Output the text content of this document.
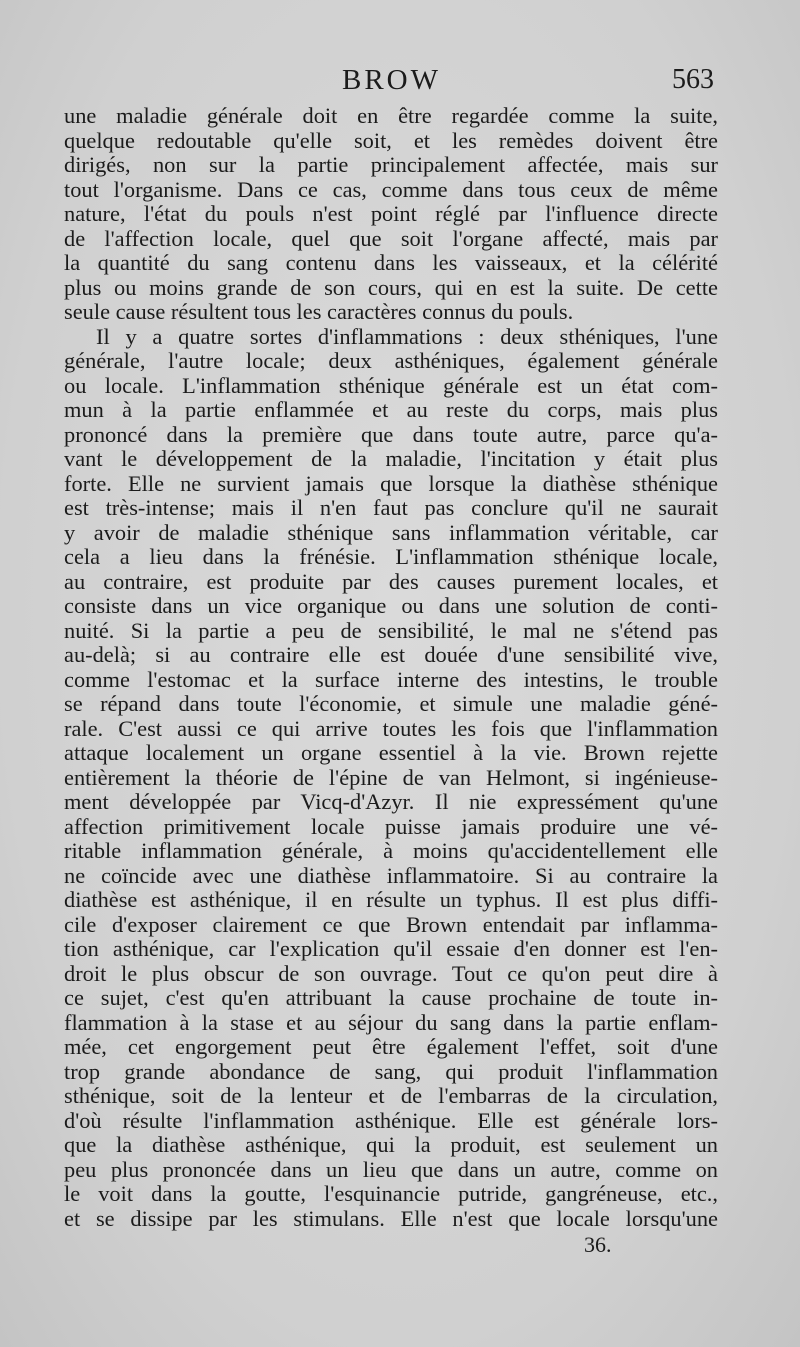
BROW	563
une maladie générale doit en être regardée comme la suite,
quelque redoutable qu'elle soit, et les remèdes doivent être
dirigés, non sur la partie principalement affectée, mais sur
tout l'organisme. Dans ce cas, comme dans tous ceux de même
nature, l'état du pouls n'est point réglé par l'influence directe
de l'affection locale, quel que soit l'organe affecté, mais par
la quantité du sang contenu dans les vaisseaux, et la célérité
plus ou moins grande de son cours, qui en est la suite. De cette
seule cause résultent tous les caractères connus du pouls.
Il y a quatre sortes d'inflammations : deux sthéniques, l'une
générale, l'autre locale; deux asthéniques, également générale
ou locale. L'inflammation sthénique générale est un état com-
mun à la partie enflammée et au reste du corps, mais plus
prononcé dans la première que dans toute autre, parce qu'a-
vant le développement de la maladie, l'incitation y était plus
forte. Elle ne survient jamais que lorsque la diathèse sthénique
est très-intense; mais il n'en faut pas conclure qu'il ne saurait
y avoir de maladie sthénique sans inflammation véritable, car
cela a lieu dans la frénésie. L'inflammation sthénique locale,
au contraire, est produite par des causes purement locales, et
consiste dans un vice organique ou dans une solution de conti-
nuité. Si la partie a peu de sensibilité, le mal ne s'étend pas
au-delà; si au contraire elle est douée d'une sensibilité vive,
comme l'estomac et la surface interne des intestins, le trouble
se répand dans toute l'économie, et simule une maladie géné-
rale. C'est aussi ce qui arrive toutes les fois que l'inflammation
attaque localement un organe essentiel à la vie. Brown rejette
entièrement la théorie de l'épine de van Helmont, si ingénieuse-
ment développée par Vicq-d'Azyr. Il nie expressément qu'une
affection primitivement locale puisse jamais produire une vé-
ritable inflammation générale, à moins qu'accidentellement elle
ne coïncide avec une diathèse inflammatoire. Si au contraire la
diathèse est asthénique, il en résulte un typhus. Il est plus diffi-
cile d'exposer clairement ce que Brown entendait par inflamma-
tion asthénique, car l'explication qu'il essaie d'en donner est l'en-
droit le plus obscur de son ouvrage. Tout ce qu'on peut dire à
ce sujet, c'est qu'en attribuant la cause prochaine de toute in-
flammation à la stase et au séjour du sang dans la partie enflam-
mée, cet engorgement peut être également l'effet, soit d'une
trop grande abondance de sang, qui produit l'inflammation
sthénique, soit de la lenteur et de l'embarras de la circulation,
d'où résulte l'inflammation asthénique. Elle est générale lors-
que la diathèse asthénique, qui la produit, est seulement un
peu plus prononcée dans un lieu que dans un autre, comme on
le voit dans la goutte, l'esquinancie putride, gangréneuse, etc.,
et se dissipe par les stimulans. Elle n'est que locale lorsqu'une
36.
